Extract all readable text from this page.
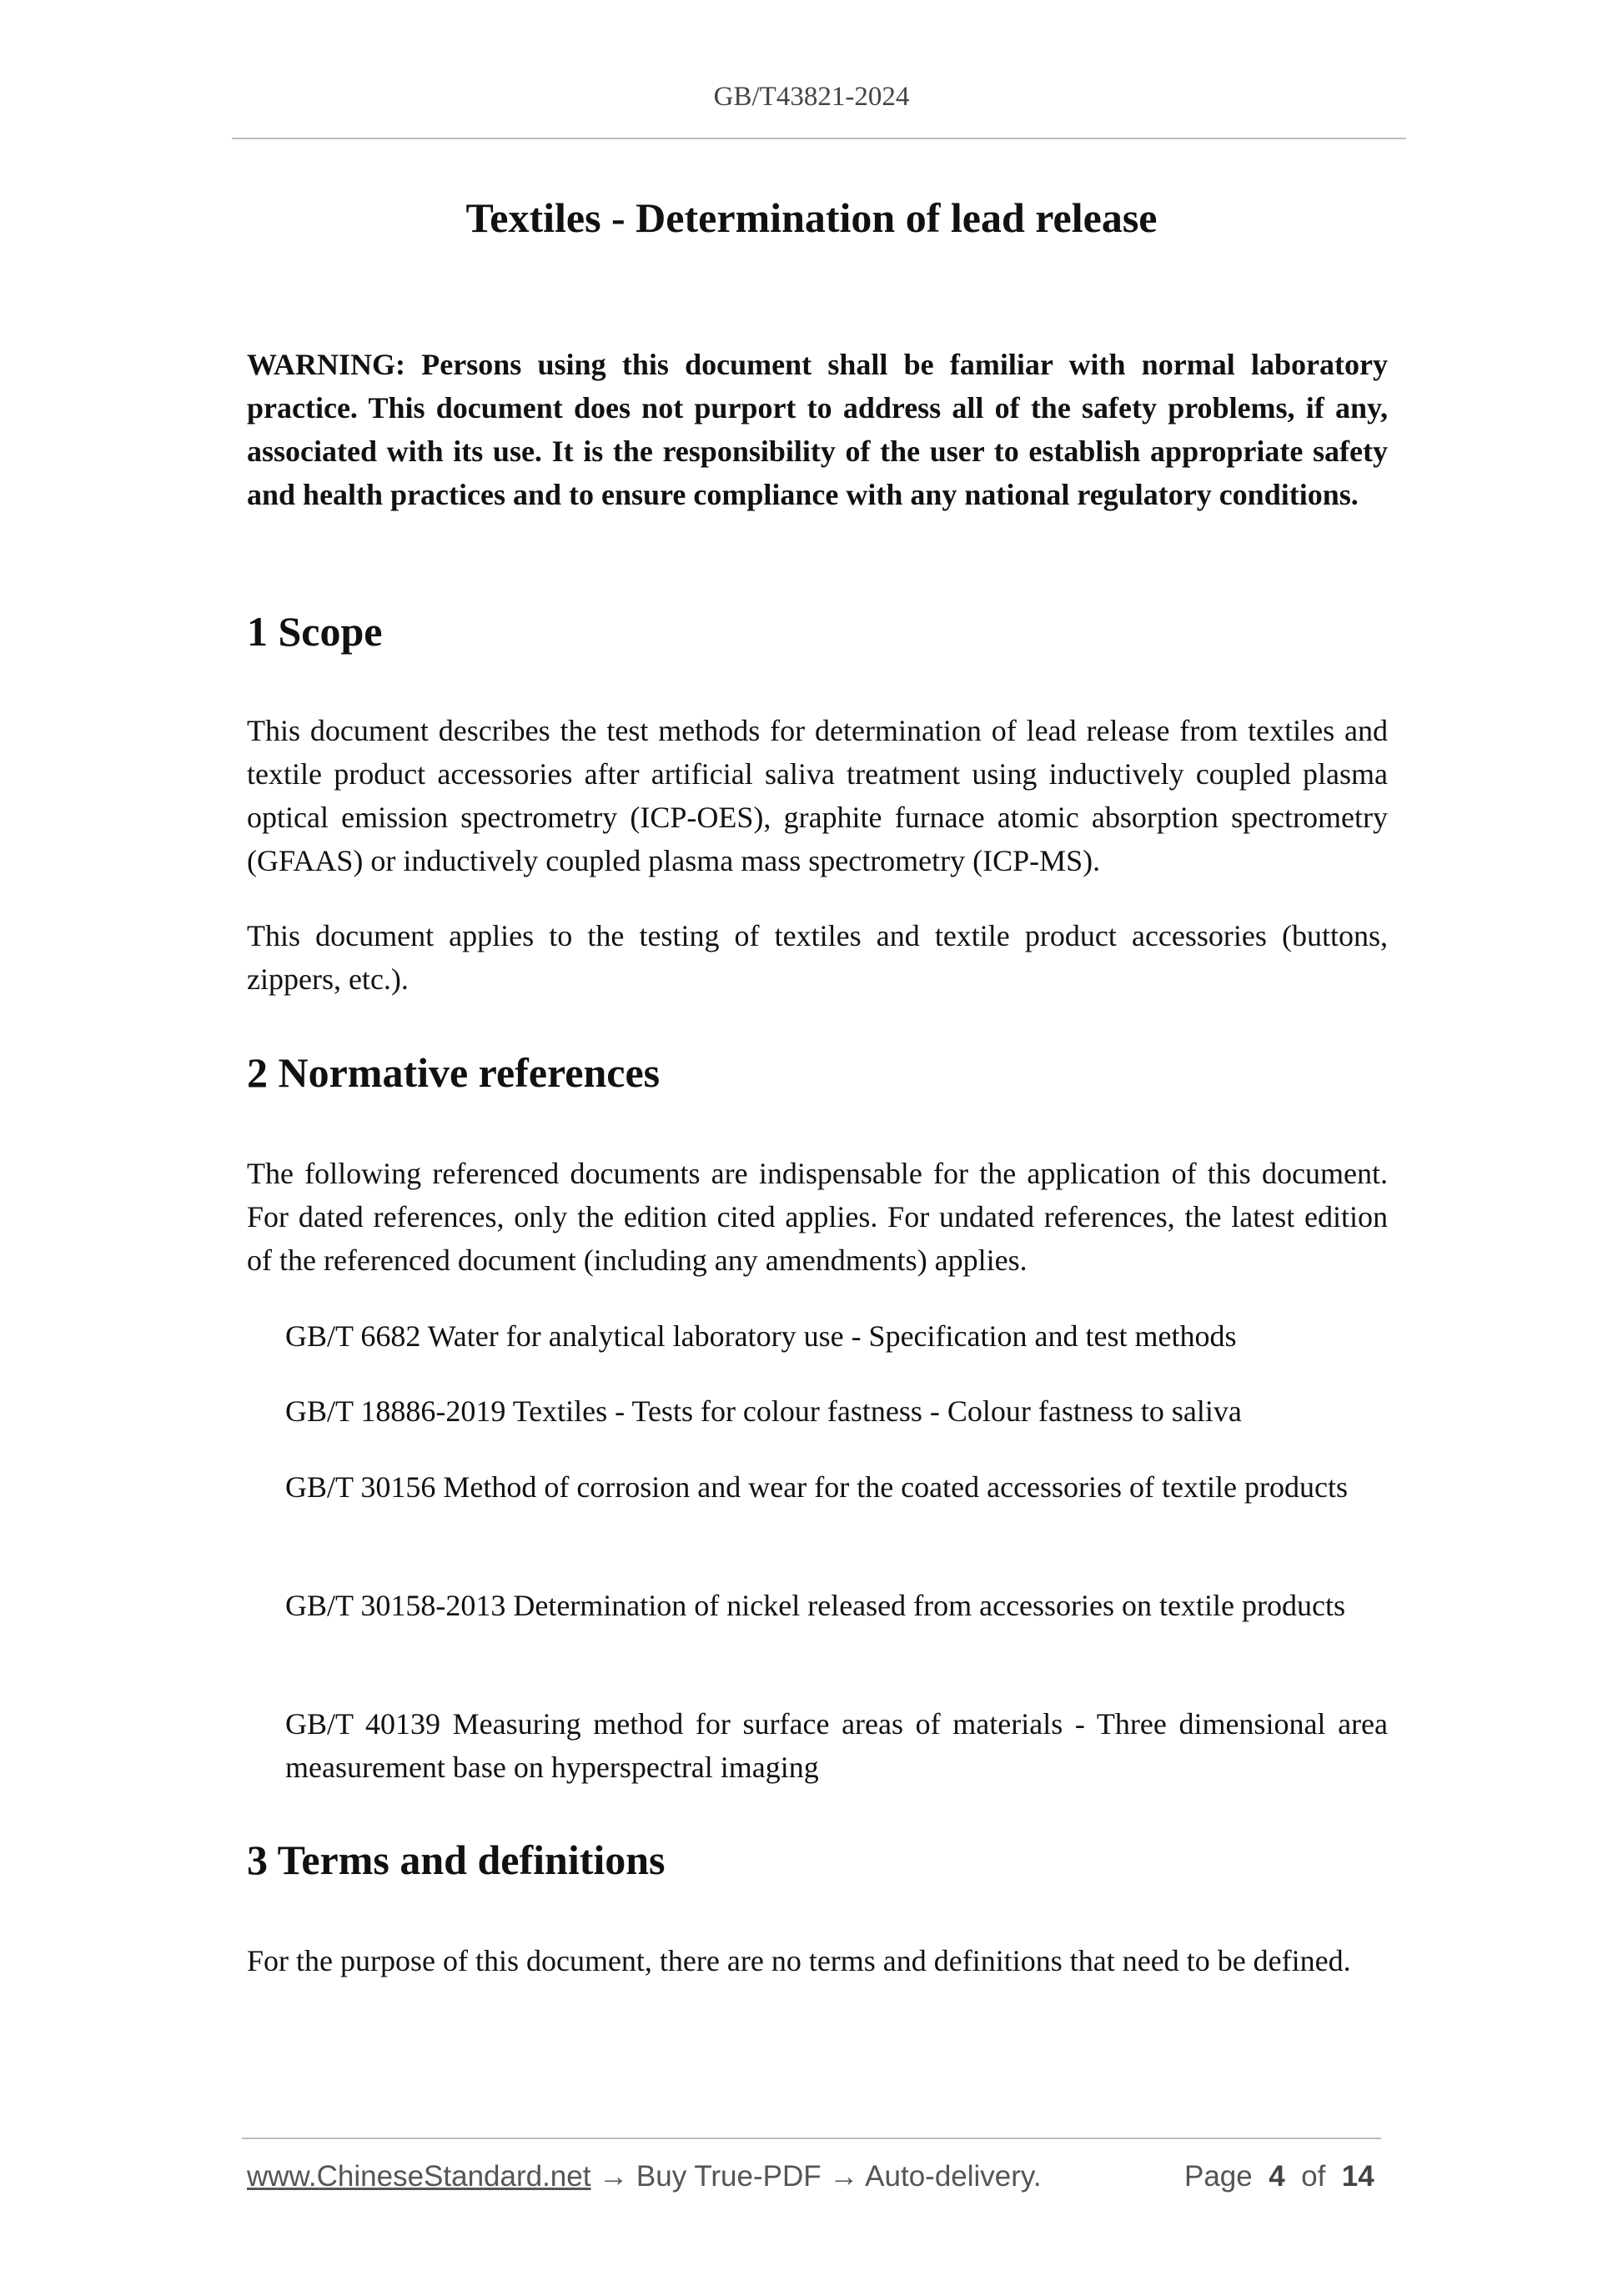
GB/T43821-2024
Textiles - Determination of lead release
WARNING: Persons using this document shall be familiar with normal laboratory practice. This document does not purport to address all of the safety problems, if any, associated with its use. It is the responsibility of the user to establish appropriate safety and health practices and to ensure compliance with any national regulatory conditions.
1 Scope
This document describes the test methods for determination of lead release from textiles and textile product accessories after artificial saliva treatment using inductively coupled plasma optical emission spectrometry (ICP-OES), graphite furnace atomic absorption spectrometry (GFAAS) or inductively coupled plasma mass spectrometry (ICP-MS).
This document applies to the testing of textiles and textile product accessories (buttons, zippers, etc.).
2 Normative references
The following referenced documents are indispensable for the application of this document. For dated references, only the edition cited applies. For undated references, the latest edition of the referenced document (including any amendments) applies.
GB/T 6682 Water for analytical laboratory use - Specification and test methods
GB/T 18886-2019 Textiles - Tests for colour fastness - Colour fastness to saliva
GB/T 30156 Method of corrosion and wear for the coated accessories of textile products
GB/T 30158-2013 Determination of nickel released from accessories on textile products
GB/T 40139 Measuring method for surface areas of materials - Three dimensional area measurement base on hyperspectral imaging
3 Terms and definitions
For the purpose of this document, there are no terms and definitions that need to be defined.
www.ChineseStandard.net → Buy True-PDF → Auto-delivery.	Page 4 of 14
